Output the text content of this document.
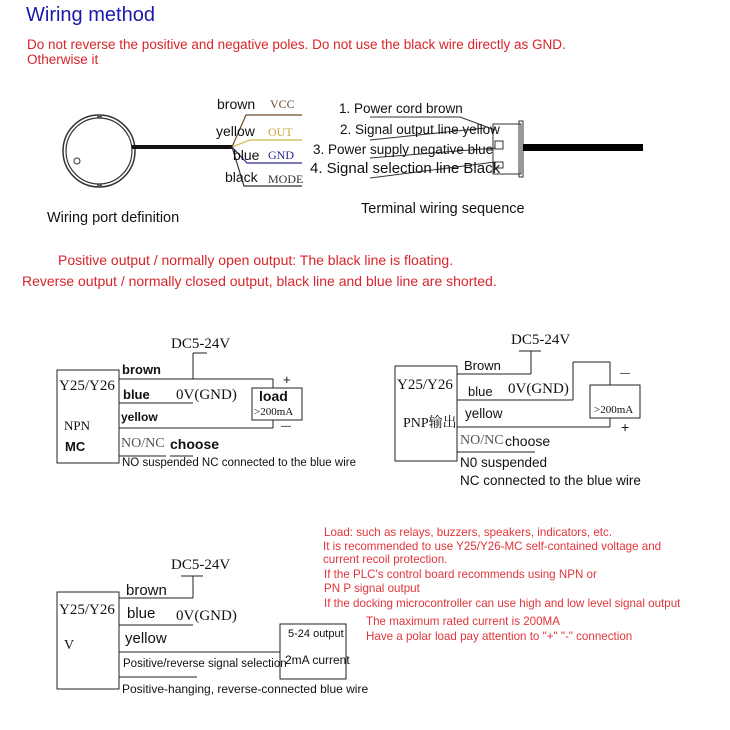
Wiring method
Do not reverse the positive and negative poles. Do not use the black wire directly as GND.
Otherwise it
brown VCC
yellow OUT
blue GND
black MODE
Wiring port definition
1. Power cord brown
2. Signal output line yellow
3. Power supply negative blue
4. Signal selection line Black
Terminal wiring sequence
Positive output / normally open output: The black line is floating.
Reverse output / normally closed output, black line and blue line are shorted.
DC5-24V
Y25/Y26
NPN
MC
brown
blue 0V(GND)
yellow
load
>200mA
+
—
NO/NC choose
NO suspended NC connected to the blue wire
DC5-24V
Y25/Y26
PNP输出
Brown
blue 0V(GND)
yellow	>200mA
—
+
NO/NC choose
N0 suspended
NC connected to the blue wire
DC5-24V
Y25/Y26
V
brown
blue 0V(GND)
yellow	5-24 output
2mA current
Positive/reverse signal selection
Positive-hanging, reverse-connected blue wire
Load: such as relays, buzzers, speakers, indicators, etc.
It is recommended to use Y25/Y26-MC self-contained voltage and
current recoil protection.
If the PLC's control board recommends using NPN or
PN P signal output
If the docking microcontroller can use high and low level signal output
The maximum rated current is 200MA
Have a polar load pay attention to "+" "-" connection
